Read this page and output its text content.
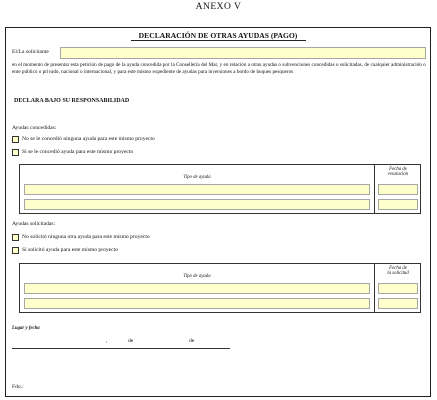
ANEXO V
DECLARACIÓN DE OTRAS AYUDAS (PAGO)
El/La solicitante
en el momento de presentar esta petición de pago de la ayuda concedida por la Consellería del Mar, y en relación a otras ayudas o subvenciones concedidas o solicitadas, de cualquier administración o ente público o privado, nacional o internacional, y para este mismo expediente de ayudas para inversiones a bordo de buques pesqueros
DECLARA BAJO SU RESPONSABILIDAD
Ayudas concedidas:
No se le concedió ninguna ayuda para este mismo proyecto
Si se le concedió ayuda para este mismo proyecto
Tipo de ayuda
Fecha de
resolución
Ayudas solicitadas:
No solicitó ninguna otra ayuda para este mismo proyecto
Sí solicitó ayuda para este mismo proyecto
Tipo de ayuda
Fecha de
la solicitud
Lugar y fecha
,	de	de
Fdo.:
